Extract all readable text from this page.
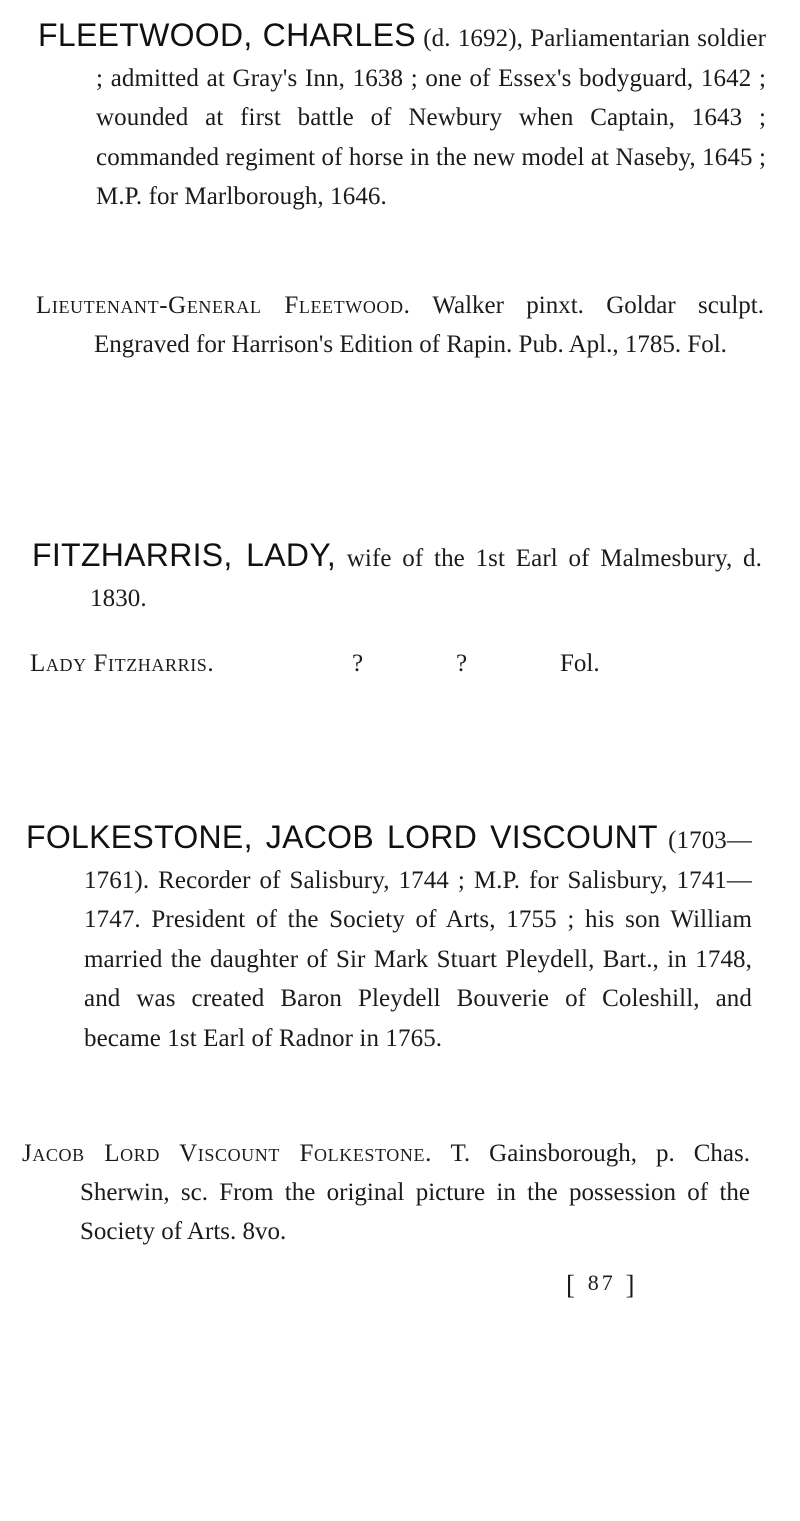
FLEETWOOD, CHARLES (d. 1692), Parliamentarian soldier ; admitted at Gray's Inn, 1638 ; one of Essex's bodyguard, 1642 ; wounded at first battle of Newbury when Captain, 1643 ; commanded regiment of horse in the new model at Naseby, 1645 ; M.P. for Marlborough, 1646.

Lieutenant-General Fleetwood. Walker pinxt. Goldar sculpt. Engraved for Harrison's Edition of Rapin. Pub. Apl., 1785. Fol.

FITZHARRIS, LADY, wife of the 1st Earl of Malmesbury, d. 1830.

Lady Fitzharris.	?	?	Fol.

FOLKESTONE, JACOB LORD VISCOUNT (1703—1761). Recorder of Salisbury, 1744 ; M.P. for Salisbury, 1741—1747. President of the Society of Arts, 1755 ; his son William married the daughter of Sir Mark Stuart Pleydell, Bart., in 1748, and was created Baron Pleydell Bouverie of Coleshill, and became 1st Earl of Radnor in 1765.

Jacob Lord Viscount Folkestone. T. Gainsborough, p. Chas. Sherwin, sc. From the original picture in the possession of the Society of Arts. 8vo.

[ 87 ]
